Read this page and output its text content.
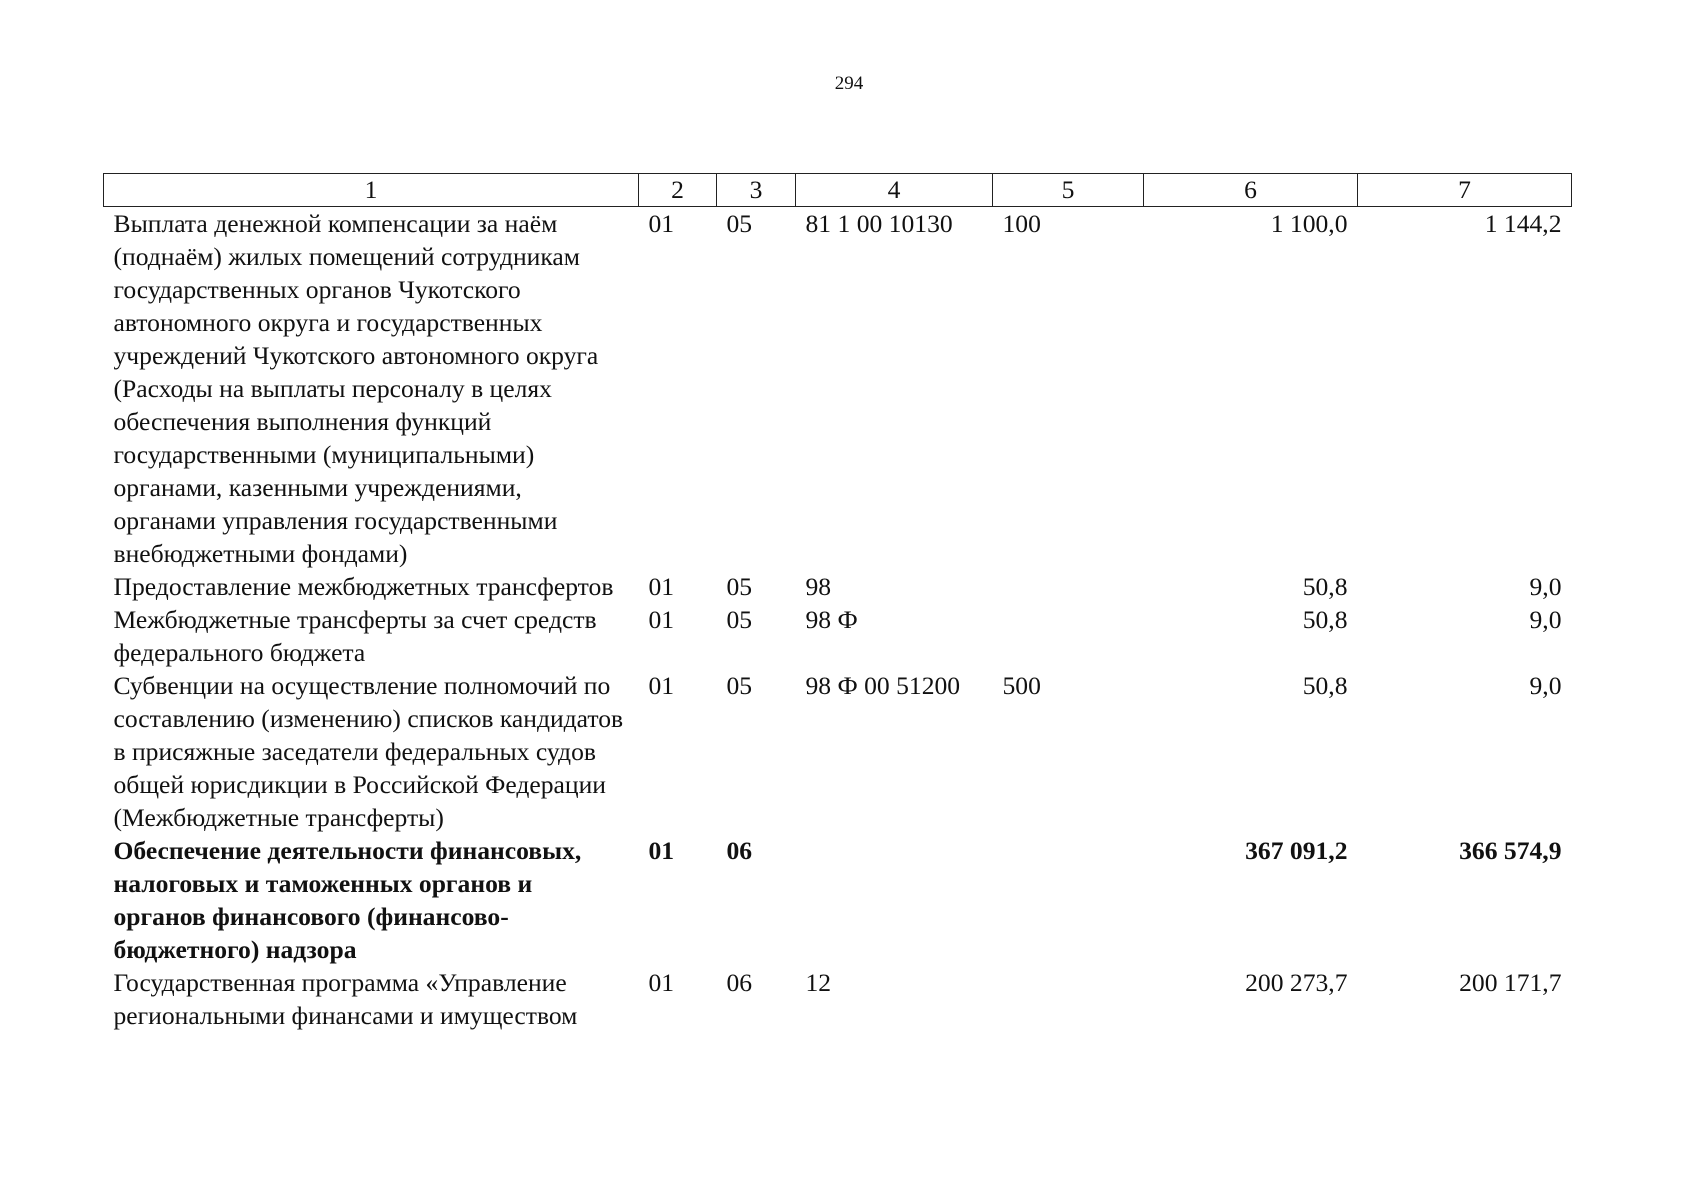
294
1	2	3	4	5	6	7
Выплата денежной компенсации за наём (поднаём) жилых помещений сотрудникам государственных органов Чукотского автономного округа и государственных учреждений Чукотского автономного округа (Расходы на выплаты персоналу в целях обеспечения выполнения функций государственными (муниципальными) органами, казенными учреждениями, органами управления государственными внебюджетными фондами)	01	05	81 1 00 10130	100	1 100,0	1 144,2
Предоставление межбюджетных трансфертов	01	05	98		50,8	9,0
Межбюджетные трансферты за счет средств федерального бюджета	01	05	98 Ф		50,8	9,0
Субвенции на осуществление полномочий по составлению (изменению) списков кандидатов в присяжные заседатели федеральных судов общей юрисдикции в Российской Федерации (Межбюджетные трансферты)	01	05	98 Ф 00 51200	500	50,8	9,0
Обеспечение деятельности финансовых, налоговых и таможенных органов и органов финансового (финансово-бюджетного) надзора	01	06			367 091,2	366 574,9
Государственная программа «Управление региональными финансами и имуществом	01	06	12		200 273,7	200 171,7
